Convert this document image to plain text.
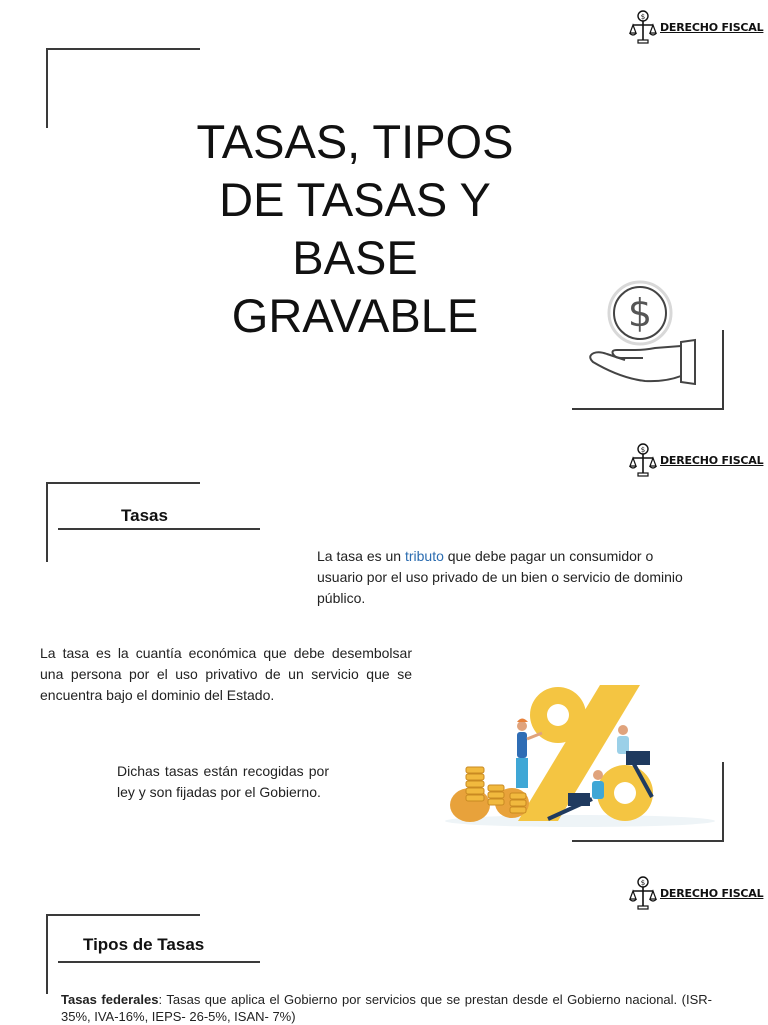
$
DERECHO FISCAL
TASAS, TIPOS
DE TASAS Y
BASE
GRAVABLE	$
$
DERECHO FISCAL
Tasas
La tasa es un tributo que debe pagar un consumidor o usuario por el uso privado de un bien o servicio de dominio público.
La tasa es la cuantía económica que debe desembolsar una persona por el uso privativo de un servicio que se encuentra bajo el dominio del Estado.
Dichas tasas están recogidas por ley y son fijadas por el Gobierno.
$
DERECHO FISCAL
Tipos de Tasas
Tasas federales: Tasas que aplica el Gobierno por servicios que se prestan desde el Gobierno nacional. (ISR- 35%, IVA-16%, IEPS- 26-5%, ISAN- 7%)
